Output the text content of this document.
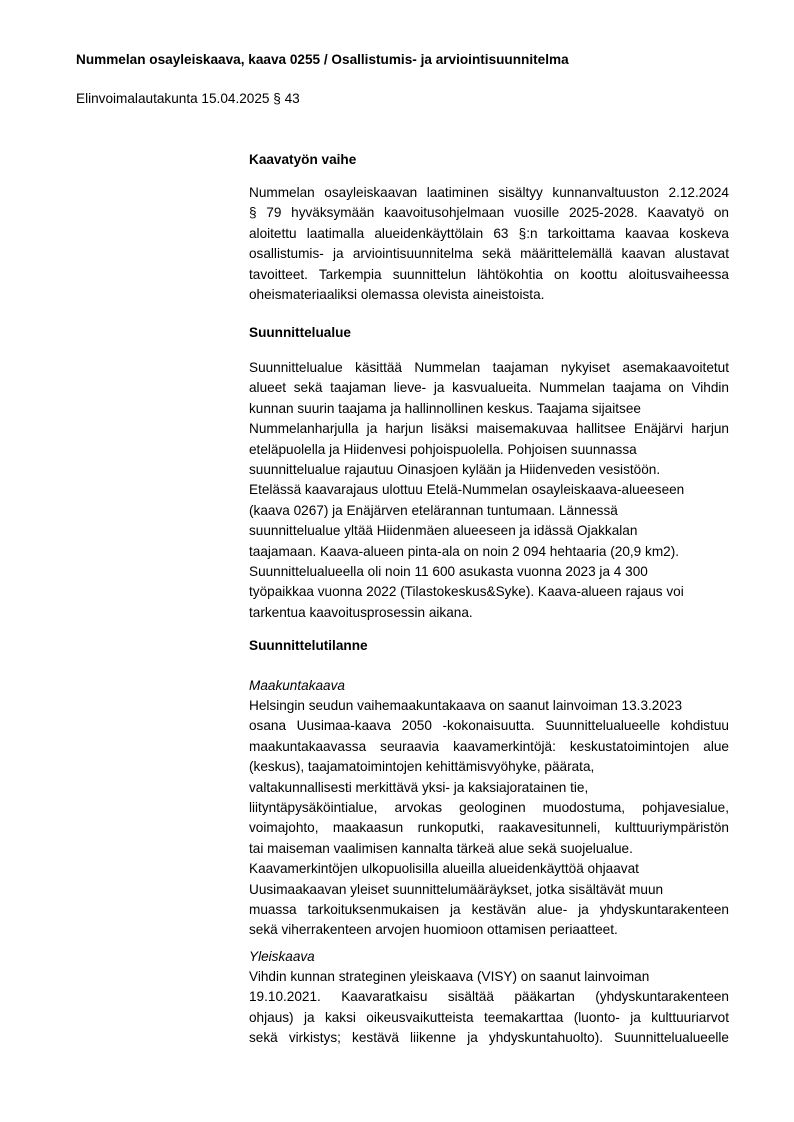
Nummelan osayleiskaava, kaava 0255 / Osallistumis- ja arviointisuunnitelma
Elinvoimalautakunta 15.04.2025 § 43
Kaavatyön vaihe
Nummelan osayleiskaavan laatiminen sisältyy kunnanvaltuuston 2.12.2024
§ 79 hyväksymään kaavoitusohjelmaan vuosille 2025-2028. Kaavatyö on
aloitettu laatimalla alueidenkäyttölain 63 §:n tarkoittama kaavaa koskeva
osallistumis- ja arviointisuunnitelma sekä määrittelemällä kaavan alustavat
tavoitteet. Tarkempia suunnittelun lähtökohtia on koottu aloitusvaiheessa
oheismateriaaliksi olemassa olevista aineistoista.
Suunnittelualue
Suunnittelualue käsittää Nummelan taajaman nykyiset asemakaavoitetut
alueet sekä taajaman lieve- ja kasvualueita. Nummelan taajama on Vihdin
kunnan suurin taajama ja hallinnollinen keskus. Taajama sijaitsee
Nummelanharjulla ja harjun lisäksi maisemakuvaa hallitsee Enäjärvi harjun
eteläpuolella ja Hiidenvesi pohjoispuolella. Pohjoisen suunnassa
suunnittelualue rajautuu Oinasjoen kylään ja Hiidenveden vesistöön.
Etelässä kaavarajaus ulottuu Etelä-Nummelan osayleiskaava-alueeseen
(kaava 0267) ja Enäjärven etelärannan tuntumaan. Lännessä
suunnittelualue yltää Hiidenmäen alueeseen ja idässä Ojakkalan
taajamaan. Kaava-alueen pinta-ala on noin 2 094 hehtaaria (20,9 km2).
Suunnittelualueella oli noin 11 600 asukasta vuonna 2023 ja 4 300
työpaikkaa vuonna 2022 (Tilastokeskus&Syke). Kaava-alueen rajaus voi
tarkentua kaavoitusprosessin aikana.
Suunnittelutilanne
Maakuntakaava
Helsingin seudun vaihemaakuntakaava on saanut lainvoiman 13.3.2023
osana Uusimaa-kaava 2050 -kokonaisuutta. Suunnittelualueelle kohdistuu
maakuntakaavassa seuraavia kaavamerkintöjä: keskustatoimintojen alue
(keskus), taajamatoimintojen kehittämisvyöhyke, päärata,
valtakunnallisesti merkittävä yksi- ja kaksiajoratainen tie,
liityntäpysäköintialue, arvokas geologinen muodostuma, pohjavesialue,
voimajohto, maakaasun runkoputki, raakavesitunneli, kulttuuriympäristön
tai maiseman vaalimisen kannalta tärkeä alue sekä suojelualue.
Kaavamerkintöjen ulkopuolisilla alueilla alueidenkäyttöä ohjaavat
Uusimaakaavan yleiset suunnittelumääräykset, jotka sisältävät muun
muassa tarkoituksenmukaisen ja kestävän alue- ja yhdyskuntarakenteen
sekä viherrakenteen arvojen huomioon ottamisen periaatteet.
Yleiskaava
Vihdin kunnan strateginen yleiskaava (VISY) on saanut lainvoiman
19.10.2021. Kaavaratkaisu sisältää pääkartan (yhdyskuntarakenteen
ohjaus) ja kaksi oikeusvaikutteista teemakarttaa (luonto- ja kulttuuriarvot
sekä virkistys; kestävä liikenne ja yhdyskuntahuolto). Suunnittelualueelle
